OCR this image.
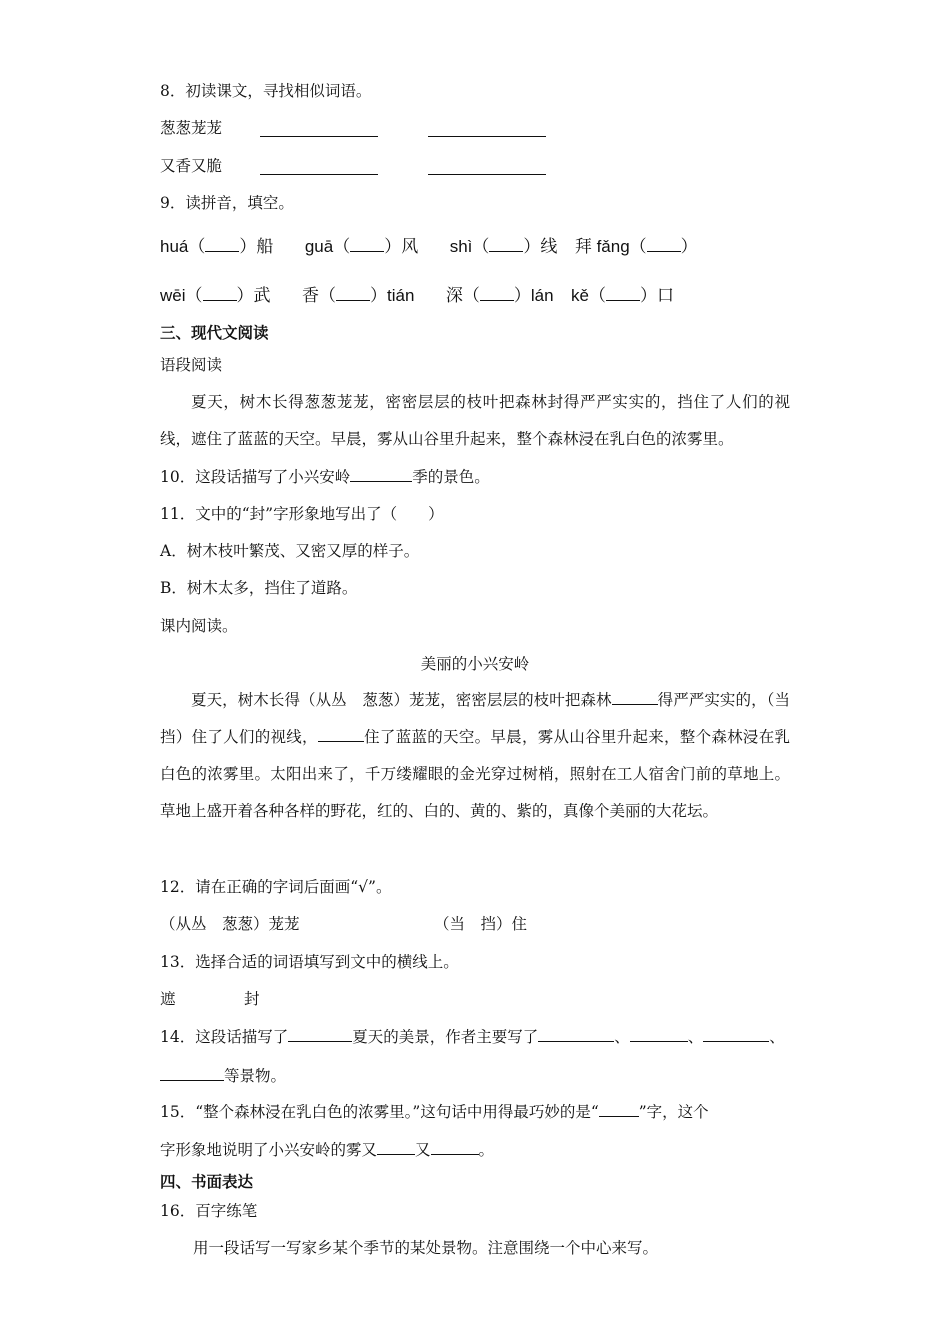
8．初读课文，寻找相似词语。
葱葱茏茏
又香又脆
9．读拼音，填空。
huá（ ）船 guā（ ）风 shì（ ）线 拜 fǎng（ ）
wēi（ ）武 香（ ）tián 深（ ）lán kě（ ）口
三、现代文阅读
语段阅读
夏天，树木长得葱葱茏茏，密密层层的枝叶把森林封得严严实实的，挡住了人们的视线，遮住了蓝蓝的天空。早晨，雾从山谷里升起来，整个森林浸在乳白色的浓雾里。
10．这段话描写了小兴安岭	季的景色。
11．文中的“封”字形象地写出了（　　）
A．树木枝叶繁茂、又密又厚的样子。
B．树木太多，挡住了道路。
课内阅读。
美丽的小兴安岭
夏天，树木长得（从丛　葱葱）茏茏，密密层层的枝叶把森林	得严严实实的，（当　挡）住了人们的视线，	住了蓝蓝的天空。早晨，雾从山谷里升起来，整个森林浸在乳白色的浓雾里。太阳出来了，千万缕耀眼的金光穿过树梢，照射在工人宿舍门前的草地上。草地上盛开着各种各样的野花，红的、白的、黄的、紫的，真像个美丽的大花坛。
12．请在正确的字词后面画“√”。
（从丛　葱葱）茏茏	（当　挡）住
13．选择合适的词语填写到文中的横线上。
遮	封
14．这段话描写了	夏天的美景，作者主要写了	、	、	、
等景物。
15．“整个森林浸在乳白色的浓雾里。”这句话中用得最巧妙的是“	”字，这个
字形象地说明了小兴安岭的雾又 又	。
四、书面表达
16．百字练笔
用一段话写一写家乡某个季节的某处景物。注意围绕一个中心来写。
